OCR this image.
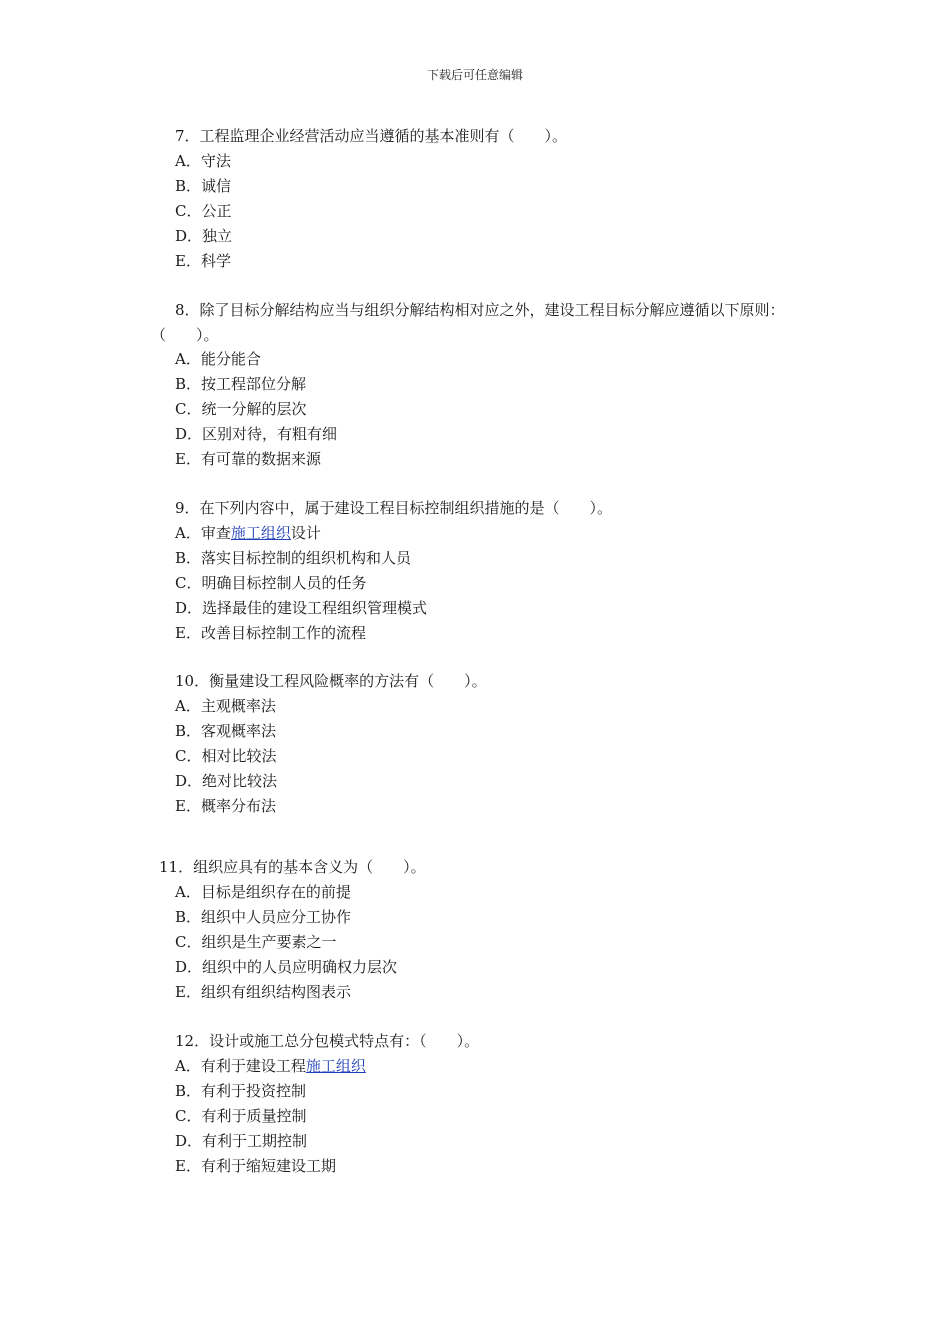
下载后可任意编辑
7．工程监理企业经营活动应当遵循的基本准则有（　　）。
A．守法
B．诚信
C．公正
D．独立
E．科学
8．除了目标分解结构应当与组织分解结构相对应之外，建设工程目标分解应遵循以下原则：
（　　）。
A．能分能合
B．按工程部位分解
C．统一分解的层次
D．区别对待，有粗有细
E．有可靠的数据来源
9．在下列内容中，属于建设工程目标控制组织措施的是（　　）。
A．审查施工组织设计
B．落实目标控制的组织机构和人员
C．明确目标控制人员的任务
D．选择最佳的建设工程组织管理模式
E．改善目标控制工作的流程
10．衡量建设工程风险概率的方法有（　　）。
A．主观概率法
B．客观概率法
C．相对比较法
D．绝对比较法
E．概率分布法
11．组织应具有的基本含义为（　　）。
A．目标是组织存在的前提
B．组织中人员应分工协作
C．组织是生产要素之一
D．组织中的人员应明确权力层次
E．组织有组织结构图表示
12．设计或施工总分包模式特点有：（　　）。
A．有利于建设工程施工组织
B．有利于投资控制
C．有利于质量控制
D．有利于工期控制
E．有利于缩短建设工期
